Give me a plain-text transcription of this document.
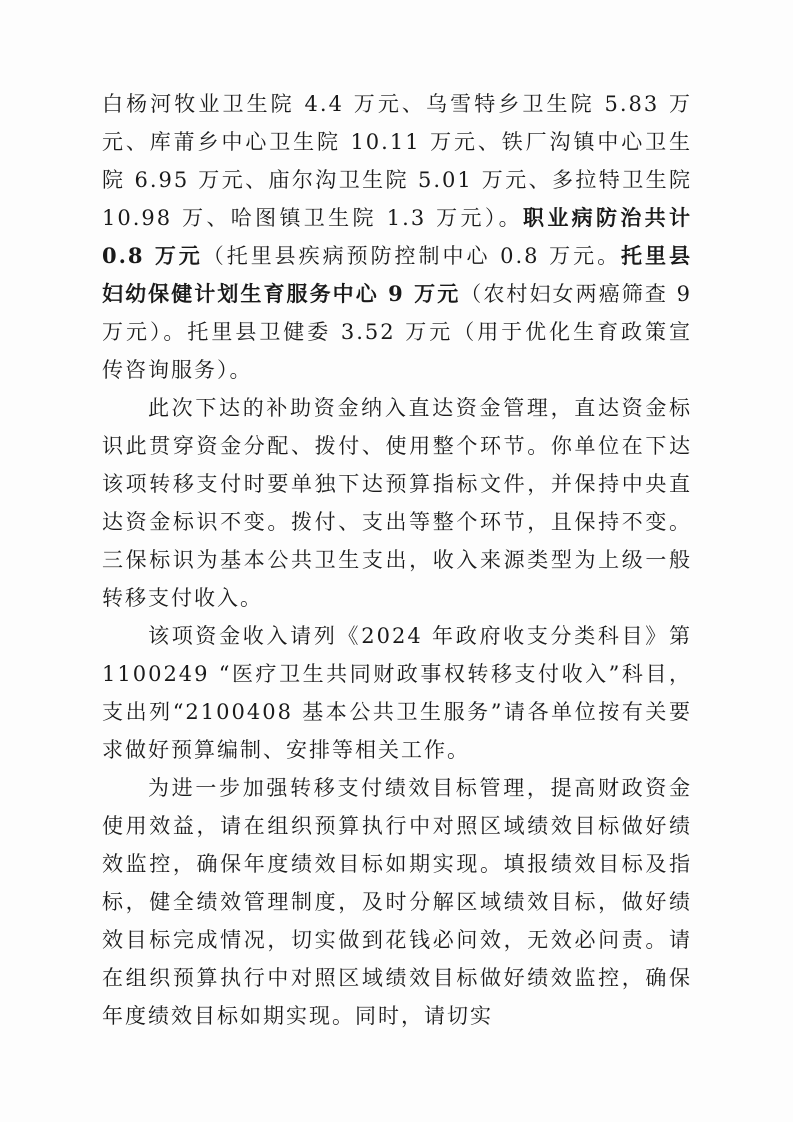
白杨河牧业卫生院 4.4 万元、乌雪特乡卫生院 5.83 万元、库莆乡中心卫生院 10.11 万元、铁厂沟镇中心卫生院 6.95 万元、庙尔沟卫生院 5.01 万元、多拉特卫生院 10.98 万、哈图镇卫生院 1.3 万元）。职业病防治共计 0.8 万元（托里县疾病预防控制中心 0.8 万元。托里县妇幼保健计划生育服务中心 9 万元（农村妇女两癌筛查 9 万元）。托里县卫健委 3.52 万元（用于优化生育政策宣传咨询服务）。

此次下达的补助资金纳入直达资金管理，直达资金标识此贯穿资金分配、拨付、使用整个环节。你单位在下达该项转移支付时要单独下达预算指标文件，并保持中央直达资金标识不变。拨付、支出等整个环节，且保持不变。三保标识为基本公共卫生支出，收入来源类型为上级一般转移支付收入。

该项资金收入请列《2024 年政府收支分类科目》第 1100249 “医疗卫生共同财政事权转移支付收入”科目，支出列“2100408 基本公共卫生服务”请各单位按有关要求做好预算编制、安排等相关工作。

为进一步加强转移支付绩效目标管理，提高财政资金使用效益，请在组织预算执行中对照区域绩效目标做好绩效监控，确保年度绩效目标如期实现。填报绩效目标及指标，健全绩效管理制度，及时分解区域绩效目标，做好绩效目标完成情况，切实做到花钱必问效，无效必问责。请在组织预算执行中对照区域绩效目标做好绩效监控，确保年度绩效目标如期实现。同时，请切实
